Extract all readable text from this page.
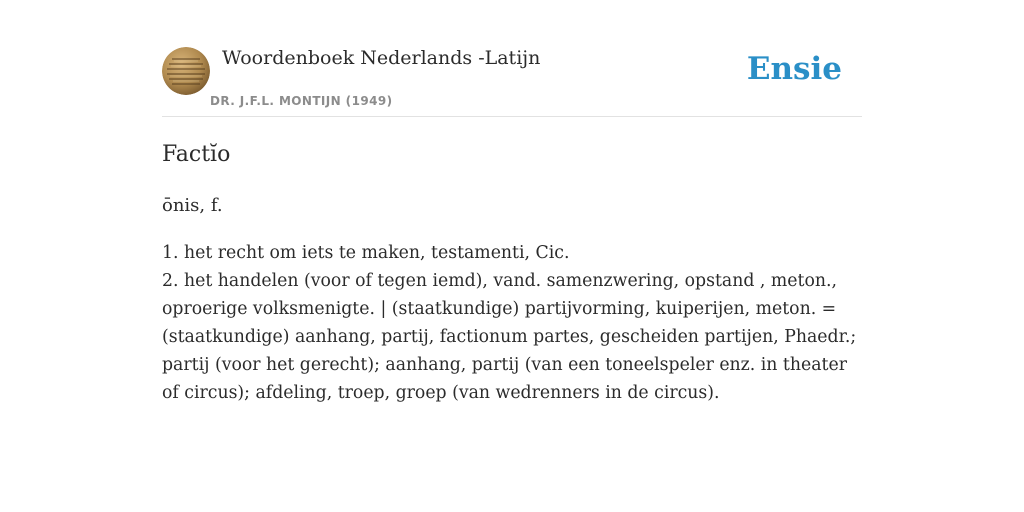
Woordenboek Nederlands -Latijn
DR. J.F.L. MONTIJN (1949)
Ensie
Factĭo
ōnis, f.

1. het recht om iets te maken, testamenti, Cic.
2. het handelen (voor of tegen iemd), vand. samenzwering, opstand , meton., oproerige volksmenigte. | (staatkundige) partijvorming, kuiperijen, meton. = (staatkundige) aanhang, partij, factionum partes, gescheiden partijen, Phaedr.; partij (voor het gerecht); aanhang, partij (van een toneelspeler enz. in theater of circus); afdeling, troep, groep (van wedrenners in de circus).
